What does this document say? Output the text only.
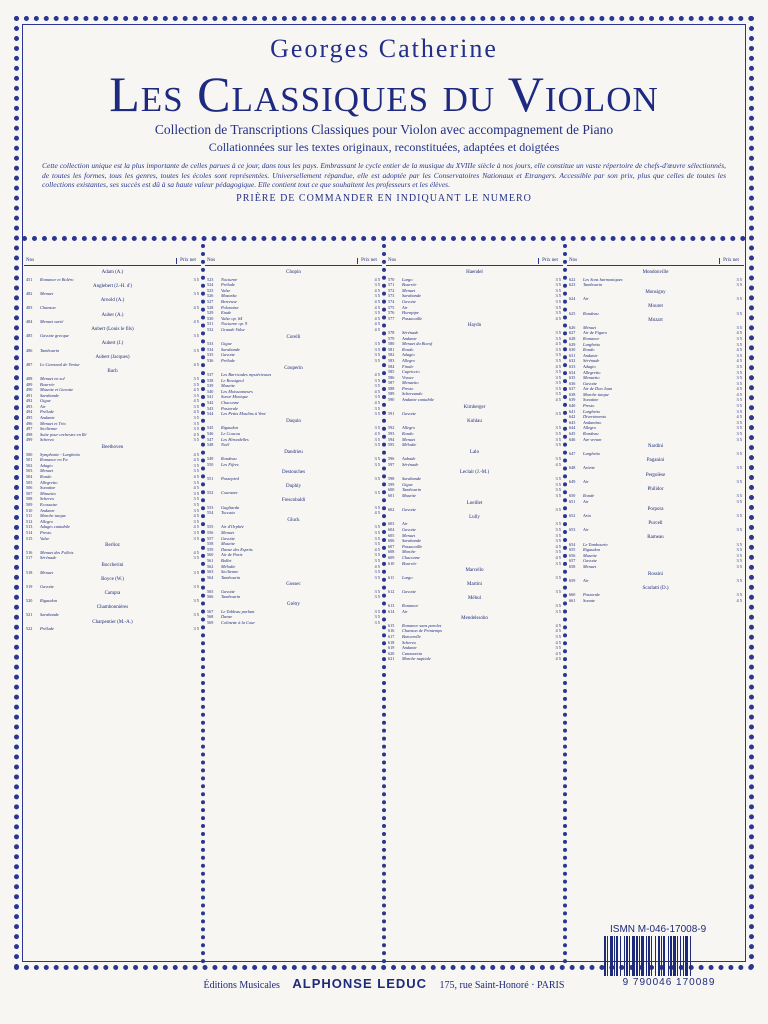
Georges Catherine
Les Classiques du Violon
Collection de Transcriptions Classiques pour Violon avec accompagnement de Piano
Collationnées sur les textes originaux, reconstituées, adaptées et doigtées
Cette collection unique est la plus importante de celles parues à ce jour, dans tous les pays. Embrassant le cycle entier de la musique du XVIIIe siècle à nos jours, elle constitue un vaste répertoire de chefs-d'œuvre sélectionnés, de toutes les formes, tous les genres, toutes les écoles sont représentées. Universellement répandue, elle est adoptée par les Conservatoires Nationaux et Etrangers. Accessible par son prix, plus que celles de toutes les collections existantes, ses succès est dû à sa haute valeur pédagogique. Elle contient tout ce que souhaitent les professeurs et les élèves.
PRIÈRE DE COMMANDER EN INDIQUANT LE NUMERO
Nos	Prix net
Adam (A.)
451	Romance et Boléro	3 5
Anglebert (J.-H. d')
482	Menuet	3 5
Arnold (A.)
483	Chanson	4 5
Auber (A.)
484	Menuet varié	4 5
Aubert (Louis le fils)
485	Gavotte grecque	3 5
Aubert (J.)
486	Tambourin	3 5
Aubert (Jacques)
487	Le Carnaval de Venise	4 5
Bach
488	Menuet en sol	3 5
489	Bourrée	3 5
490	Musette et Gavotte	4 5
491	Sarabande	3 5
492	Gigue	4 5
493	Air	3 5
494	Prélude	4 5
495	Andante	3 5
496	Menuet et Trio	3 5
497	Sicilienne	3 5
498	Suite pour orchestre en Ré	4 5
499	Scherzo	3 5
Beethoven
500	Symphonie - Larghetto	4 5
501	Romance en Fa	4 5
502	Adagio	3 5
503	Menuet	3 5
504	Rondo	4 5
505	Allegretto	3 5
506	Sonatine	4 5
507	Minuetto	3 5
508	Scherzo	3 5
509	Ecossaise	3 5
510	Andante	3 5
511	Marche turque	4 5
512	Allegro	3 5
513	Adagio cantabile	4 5
514	Presto	3 5
515	Valse	3 5
Berlioz
516	Menuet des Follets	4 5
517	Sérénade	3 5
Boccherini
518	Menuet	3 5
Boyce (W.)
519	Gavotte	3 5
Campra
520	Rigaudon	3 5
Chambonnières
521	Sarabande	3 5
Charpentier (M.-A.)
522	Prélude	3 5
Nos	Prix net
Chopin
523	Nocturne	4 5
524	Prélude	3 5
525	Valse	4 5
526	Mazurka	3 5
527	Berceuse	4 5
528	Polonaise	4 5
529	Etude	3 5
530	Valse op. 64	4 5
531	Nocturne op. 9	4 5
532	Grande Valse	4 5
Corelli
533	Gigue	3 5
534	Sarabande	3 5
535	Gavotte	3 5
536	Prélude	3 5
Couperin
537	Les Barricades mystérieuses	4 5
538	Le Rossignol	3 5
539	Musette	3 5
540	Les Moissonneurs	4 5
541	Soeur Monique	3 5
542	Chaconne	4 5
543	Pastorale	3 5
544	Les Petits Moulins à Vent	3 5
Daquin
545	Rigaudon	3 5
546	Le Coucou	4 5
547	Les Hirondelles	3 5
548	Noël	3 5
Dandrieu
549	Rondeau	3 5
550	Les Fifres	3 5
Destouches
551	Passepied	3 5
Duphly
552	Courante	3 5
Frescobaldi
553	Gagliarda	3 5
554	Toccata	4 5
Gluck
555	Air d'Orphée	3 5
556	Menuet	3 5
557	Gavotte	3 5
558	Musette	3 5
559	Danse des Esprits	4 5
560	Air de Paris	3 5
561	Ballet	3 5
562	Mélodie	4 5
563	Sicilienne	3 5
564	Tambourin	3 5
Gossec
565	Gavotte	3 5
566	Tambourin	3 5
Grétry
567	Le Tableau parlant	3 5
568	Danse	3 5
569	Colinette à la Cour	3 5
Nos	Prix net
Haendel
570	Largo	3 5
571	Bourrée	3 5
572	Menuet	3 5
573	Sarabande	3 5
574	Gavotte	3 5
575	Air	3 5
576	Hornpipe	3 5
577	Passacaille	4 5
Haydn
578	Sérénade	3 5
579	Andante	3 5
580	Menuet du Boeuf	4 5
581	Rondo	3 5
582	Adagio	3 5
583	Allegro	3 5
584	Finale	4 5
585	Capriccio	3 5
586	Vivace	3 5
587	Menuetto	3 5
588	Presto	3 5
589	Scherzando	3 5
590	Andante cantabile	4 5
Kirnberger
591	Gavotte	3 5
Kuhlau
592	Allegro	3 5
593	Rondo	3 5
594	Menuet	3 5
595	Mélodie	3 5
Lalo
596	Aubade	3 5
597	Sérénade	4 5
Leclair (J.-M.)
598	Sarabande	3 5
599	Gigue	3 5
600	Tambourin	3 5
601	Musette	3 5
Loeillet
602	Gavotte	3 5
Lully
603	Air	3 5
604	Gavotte	3 5
605	Menuet	3 5
606	Sarabande	3 5
607	Passacaille	4 5
608	Marche	3 5
609	Chaconne	4 5
610	Bourrée	3 5
Marcello
611	Largo	3 5
Martini
612	Gavotte	3 5
Méhul
613	Romance	3 5
614	Air	3 5
Mendelssohn
615	Romance sans paroles	4 5
616	Chanson de Printemps	4 5
617	Barcarolle	3 5
618	Scherzo	4 5
619	Andante	3 5
620	Canzonetta	4 5
621	Marche nuptiale	4 5
Nos	Prix net
Mondonville
622	Les Sons harmoniques	3 5
623	Tambourin	3 5
Monsigny
624	Air	3 5
Mouret
625	Rondeau	3 5
Mozart
626	Menuet	3 5
627	Air de Figaro	4 5
628	Romance	3 5
629	Larghetto	3 5
630	Rondo	4 5
631	Andante	3 5
632	Sérénade	4 5
633	Adagio	3 5
634	Allegretto	3 5
635	Menuetto	3 5
636	Gavotte	3 5
637	Air de Don Juan	4 5
638	Marche turque	4 5
639	Sonatine	3 5
640	Presto	3 5
641	Larghetto	3 5
642	Divertimento	4 5
643	Andantino	3 5
644	Allegro	3 5
645	Rondeau	3 5
646	Ave verum	3 5
Nardini
647	Larghetto	3 5
Paganini
648	Ariette	3 5
Pergolèse
649	Air	3 5
Philidor
650	Ronde	3 5
651	Air	3 5
Porpora
652	Aria	3 5
Purcell
653	Air	3 5
Rameau
654	Le Tambourin	3 5
655	Rigaudon	3 5
656	Musette	3 5
657	Gavotte	3 5
658	Menuet	3 5
Rossini
659	Air	3 5
Scarlatti (D.)
660	Pastorale	3 5
661	Sonate	4 5
ISMN M-046-17008-9
9 790046 170089
Éditions Musicales ALPHONSE LEDUC 175, rue Saint-Honoré · PARIS
